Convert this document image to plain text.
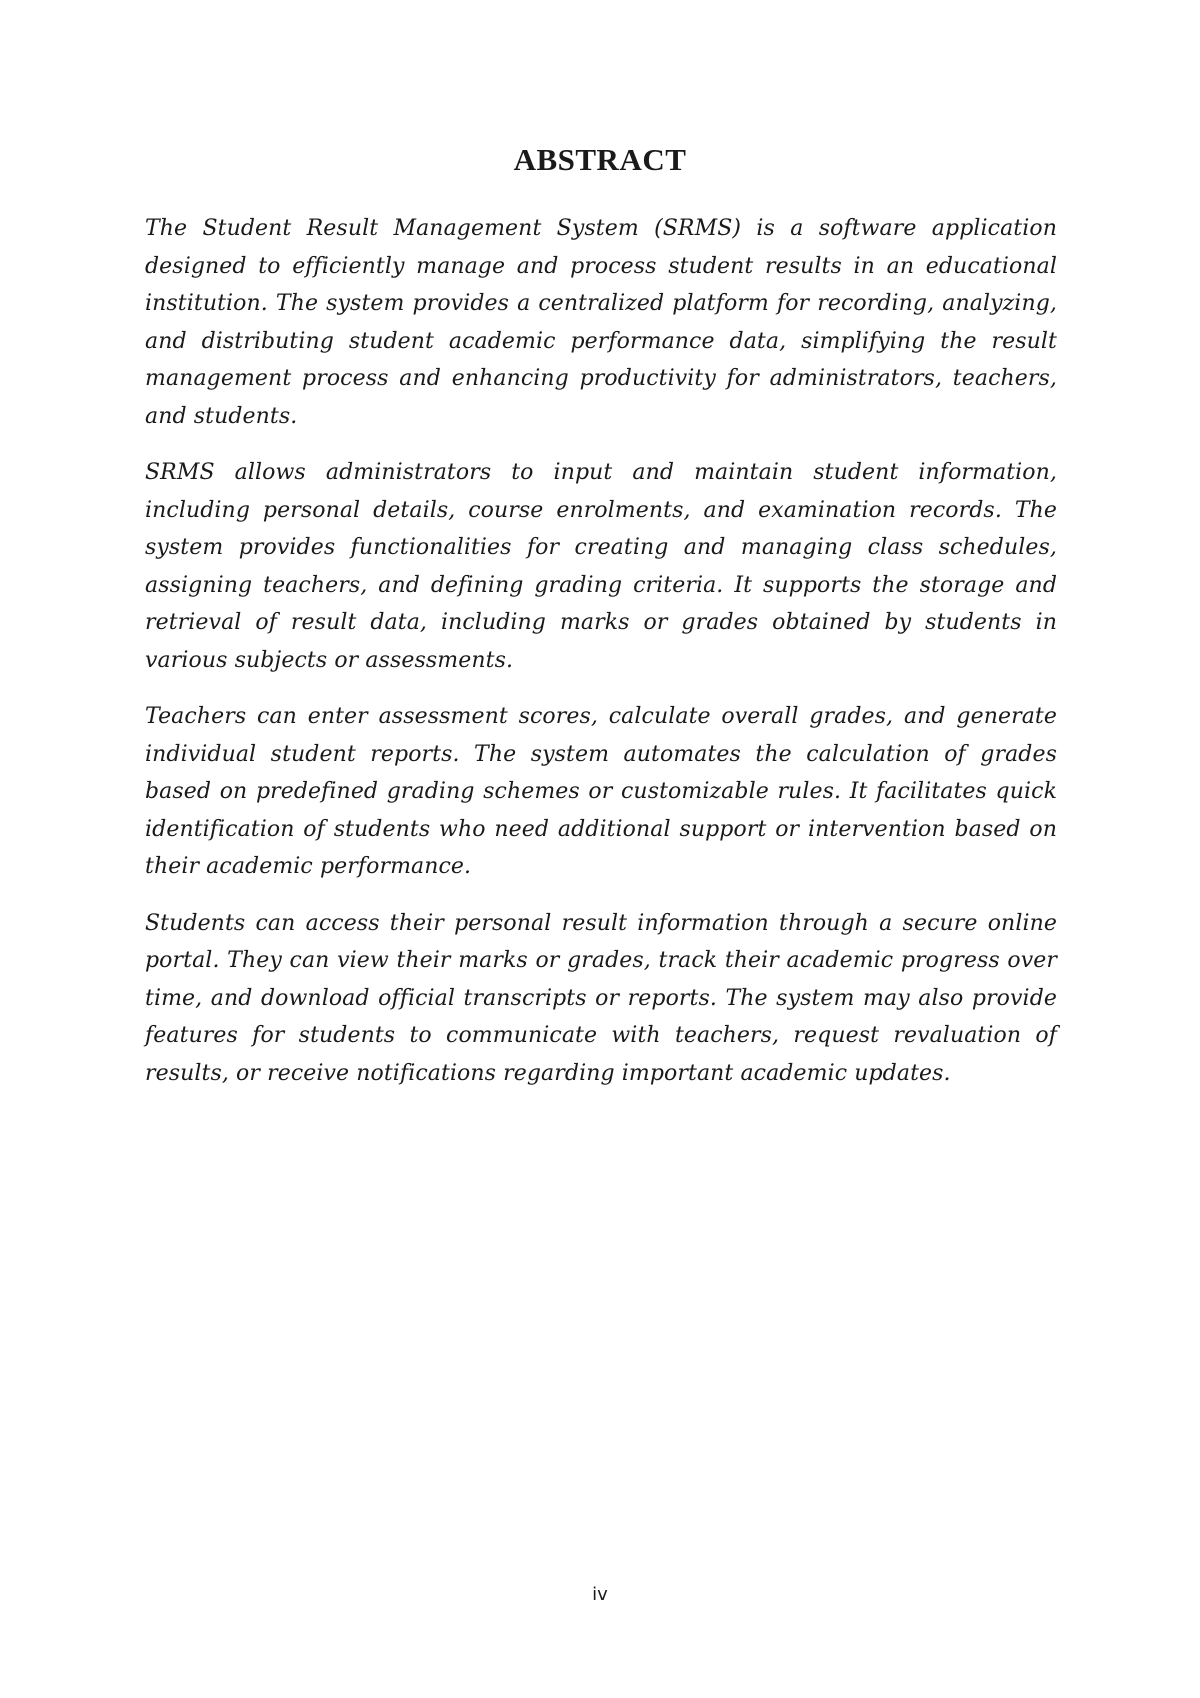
ABSTRACT

The Student Result Management System (SRMS) is a software application designed to efficiently manage and process student results in an educational institution. The system provides a centralized platform for recording, analyzing, and distributing student academic performance data, simplifying the result management process and enhancing productivity for administrators, teachers, and students.

SRMS allows administrators to input and maintain student information, including personal details, course enrolments, and examination records. The system provides functionalities for creating and managing class schedules, assigning teachers, and defining grading criteria. It supports the storage and retrieval of result data, including marks or grades obtained by students in various subjects or assessments.

Teachers can enter assessment scores, calculate overall grades, and generate individual student reports. The system automates the calculation of grades based on predefined grading schemes or customizable rules. It facilitates quick identification of students who need additional support or intervention based on their academic performance.

Students can access their personal result information through a secure online portal. They can view their marks or grades, track their academic progress over time, and download official transcripts or reports. The system may also provide features for students to communicate with teachers, request revaluation of results, or receive notifications regarding important academic updates.

iv
